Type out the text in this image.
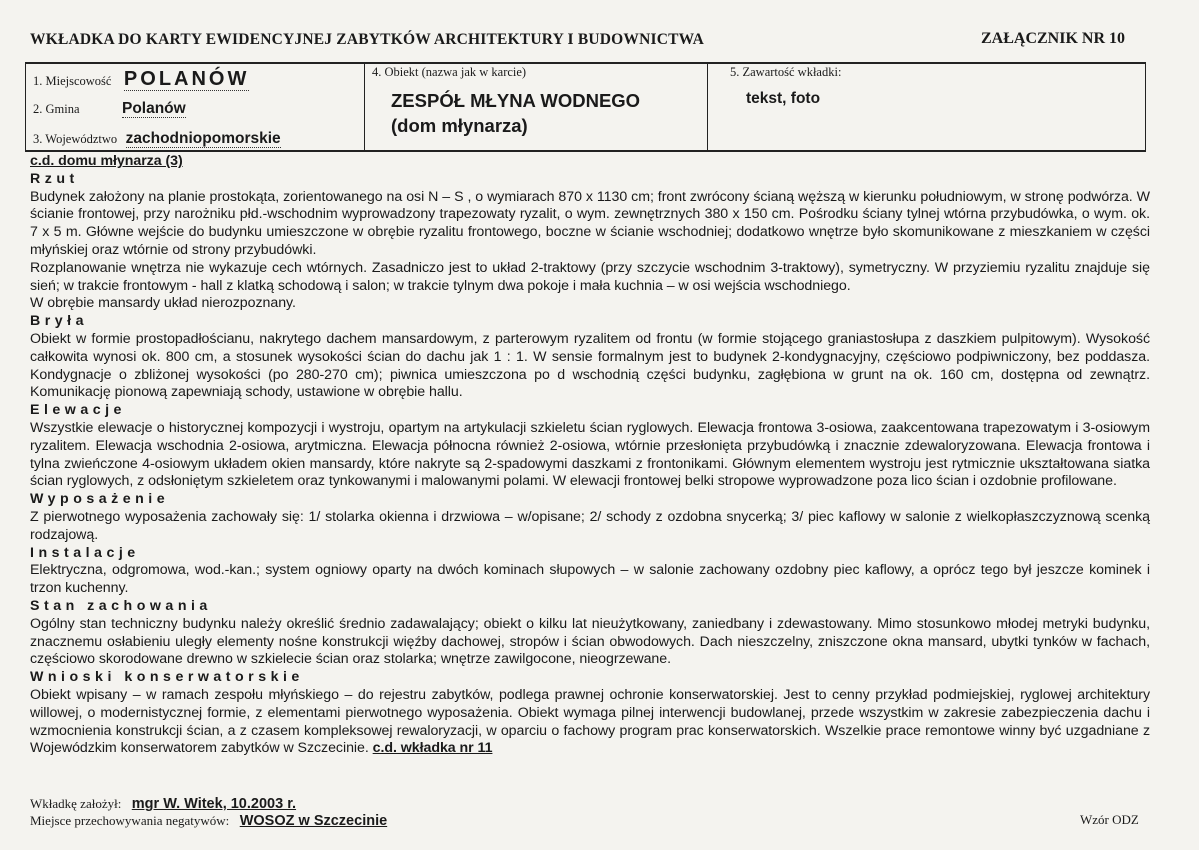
WKŁADKA DO KARTY EWIDENCYJNEJ ZABYTKÓW ARCHITEKTURY I BUDOWNICTWA	ZAŁĄCZNIK NR 10
1. Miejscowość POLANÓW
2. Gmina	Polanów
3. Województwo zachodniopomorskie
4. Obiekt (nazwa jak w karcie)
ZESPÓŁ MŁYNA WODNEGO
(dom młynarza)
5. Zawartość wkładki:
tekst, foto

c.d. domu młynarza (3)

Rzut

Budynek założony na planie prostokąta, zorientowanego na osi N – S , o wymiarach 870 x 1130 cm; front zwrócony ścianą węższą w kierunku południowym, w stronę podwórza. W ścianie frontowej, przy narożniku płd.-wschodnim wyprowadzony trapezowaty ryzalit, o wym. zewnętrznych 380 x 150 cm. Pośrodku ściany tylnej wtórna przybudówka, o wym. ok. 7 x 5 m. Główne wejście do budynku umieszczone w obrębie ryzalitu frontowego, boczne w ścianie wschodniej; dodatkowo wnętrze było skomunikowane z mieszkaniem w części młyńskiej oraz wtórnie od strony przybudówki.

Rozplanowanie wnętrza nie wykazuje cech wtórnych. Zasadniczo jest to układ 2-traktowy (przy szczycie wschodnim 3-traktowy), symetryczny. W przyziemiu ryzalitu znajduje się sień; w trakcie frontowym - hall z klatką schodową i salon; w trakcie tylnym dwa pokoje i mała kuchnia – w osi wejścia wschodniego.

W obrębie mansardy układ nierozpoznany.

Bryła

Obiekt w formie prostopadłościanu, nakrytego dachem mansardowym, z parterowym ryzalitem od frontu (w formie stojącego graniastosłupa z daszkiem pulpitowym). Wysokość całkowita wynosi ok. 800 cm, a stosunek wysokości ścian do dachu jak 1 : 1. W sensie formalnym jest to budynek 2-kondygnacyjny, częściowo podpiwniczony, bez poddasza. Kondygnacje o zbliżonej wysokości (po 280-270 cm); piwnica umieszczona po d wschodnią części budynku, zagłębiona w grunt na ok. 160 cm, dostępna od zewnątrz. Komunikację pionową zapewniają schody, ustawione w obrębie hallu.

Elewacje

Wszystkie elewacje o historycznej kompozycji i wystroju, opartym na artykulacji szkieletu ścian ryglowych. Elewacja frontowa 3-osiowa, zaakcentowana trapezowatym i 3-osiowym ryzalitem. Elewacja wschodnia 2-osiowa, arytmiczna. Elewacja północna również 2-osiowa, wtórnie przesłonięta przybudówką i znacznie zdewaloryzowana. Elewacja frontowa i tylna zwieńczone 4-osiowym układem okien mansardy, które nakryte są 2-spadowymi daszkami z frontonikami. Głównym elementem wystroju jest rytmicznie ukształtowana siatka ścian ryglowych, z odsłoniętym szkieletem oraz tynkowanymi i malowanymi polami. W elewacji frontowej belki stropowe wyprowadzone poza lico ścian i ozdobnie profilowane.

Wyposażenie

Z pierwotnego wyposażenia zachowały się: 1/ stolarka okienna i drzwiowa – w/opisane; 2/ schody z ozdobna snycerką; 3/ piec kaflowy w salonie z wielkopłaszczyznową scenką rodzajową.

Instalacje

Elektryczna, odgromowa, wod.-kan.; system ogniowy oparty na dwóch kominach słupowych – w salonie zachowany ozdobny piec kaflowy, a oprócz tego był jeszcze kominek i trzon kuchenny.

Stan zachowania

Ogólny stan techniczny budynku należy określić średnio zadawalający; obiekt o kilku lat nieużytkowany, zaniedbany i zdewastowany. Mimo stosunkowo młodej metryki budynku, znacznemu osłabieniu uległy elementy nośne konstrukcji więźby dachowej, stropów i ścian obwodowych. Dach nieszczelny, zniszczone okna mansard, ubytki tynków w fachach, częściowo skorodowane drewno w szkielecie ścian oraz stolarka; wnętrze zawilgocone, nieogrzewane.

Wnioski konserwatorskie

Obiekt wpisany – w ramach zespołu młyńskiego – do rejestru zabytków, podlega prawnej ochronie konserwatorskiej. Jest to cenny przykład podmiejskiej, ryglowej architektury willowej, o modernistycznej formie, z elementami pierwotnego wyposażenia. Obiekt wymaga pilnej interwencji budowlanej, przede wszystkim w zakresie zabezpieczenia dachu i wzmocnienia konstrukcji ścian, a z czasem kompleksowej rewaloryzacji, w oparciu o fachowy program prac konserwatorskich. Wszelkie prace remontowe winny być uzgadniane z Wojewódzkim konserwatorem zabytków w Szczecinie. c.d. wkładka nr 11

Wkładkę założył: mgr W. Witek, 10.2003 r.
Miejsce przechowywania negatywów: WOSOZ w Szczecinie	Wzór ODZ
